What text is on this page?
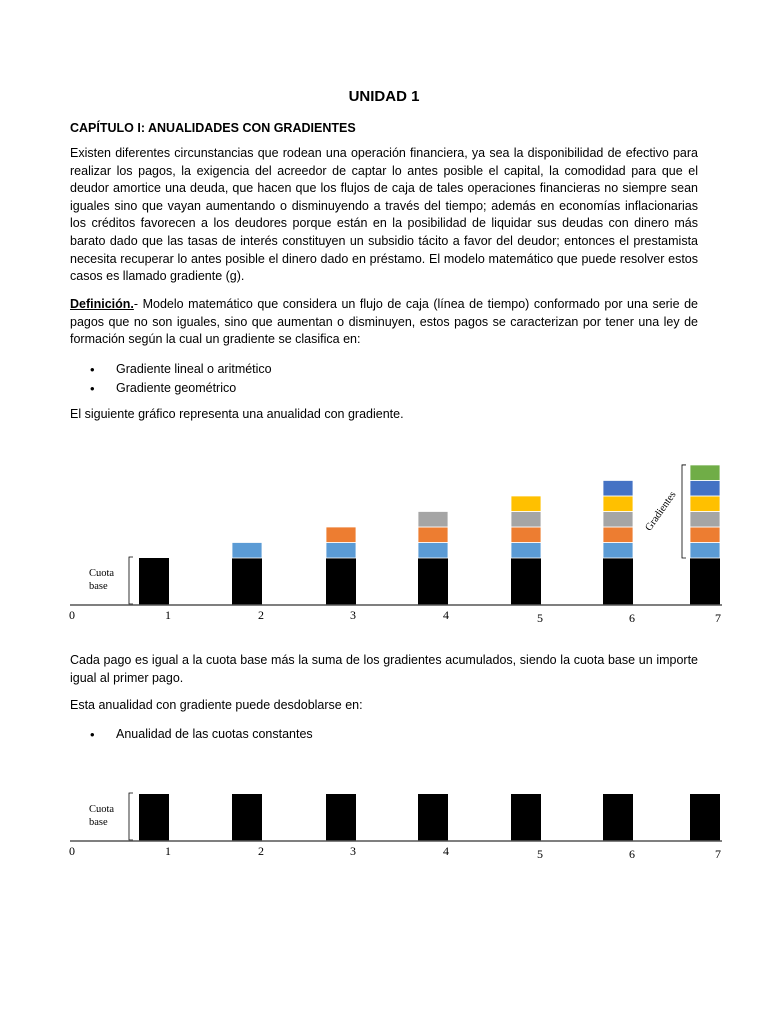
UNIDAD 1
CAPÍTULO I: ANUALIDADES CON GRADIENTES

Existen diferentes circunstancias que rodean una operación financiera, ya sea la disponibilidad de efectivo para realizar los pagos, la exigencia del acreedor de captar lo antes posible el capital, la comodidad para que el deudor amortice una deuda, que hacen que los flujos de caja de tales operaciones financieras no siempre sean iguales sino que vayan aumentando o disminuyendo a través del tiempo; además en economías inflacionarias los créditos favorecen a los deudores porque están en la posibilidad de liquidar sus deudas con dinero más barato dado que las tasas de interés constituyen un subsidio tácito a favor del deudor; entonces el prestamista necesita recuperar lo antes posible el dinero dado en préstamo. El modelo matemático que puede resolver estos casos es llamado gradiente (g).

Definición.- Modelo matemático que considera un flujo de caja (línea de tiempo) conformado por una serie de pagos que no son iguales, sino que aumentan o disminuyen, estos pagos se caracterizan por tener una ley de formación según la cual un gradiente se clasifica en:

• Gradiente lineal o aritmético
• Gradiente geométrico

El siguiente gráfico representa una anualidad con gradiente.

Cuota
base
0	1	2	3	4	5	6	7
Gradientes

Cada pago es igual a la cuota base más la suma de los gradientes acumulados, siendo la cuota base un importe igual al primer pago.

Esta anualidad con gradiente puede desdoblarse en:

• Anualidad de las cuotas constantes
Cuota
base
0	1	2	3	4	5	6	7
